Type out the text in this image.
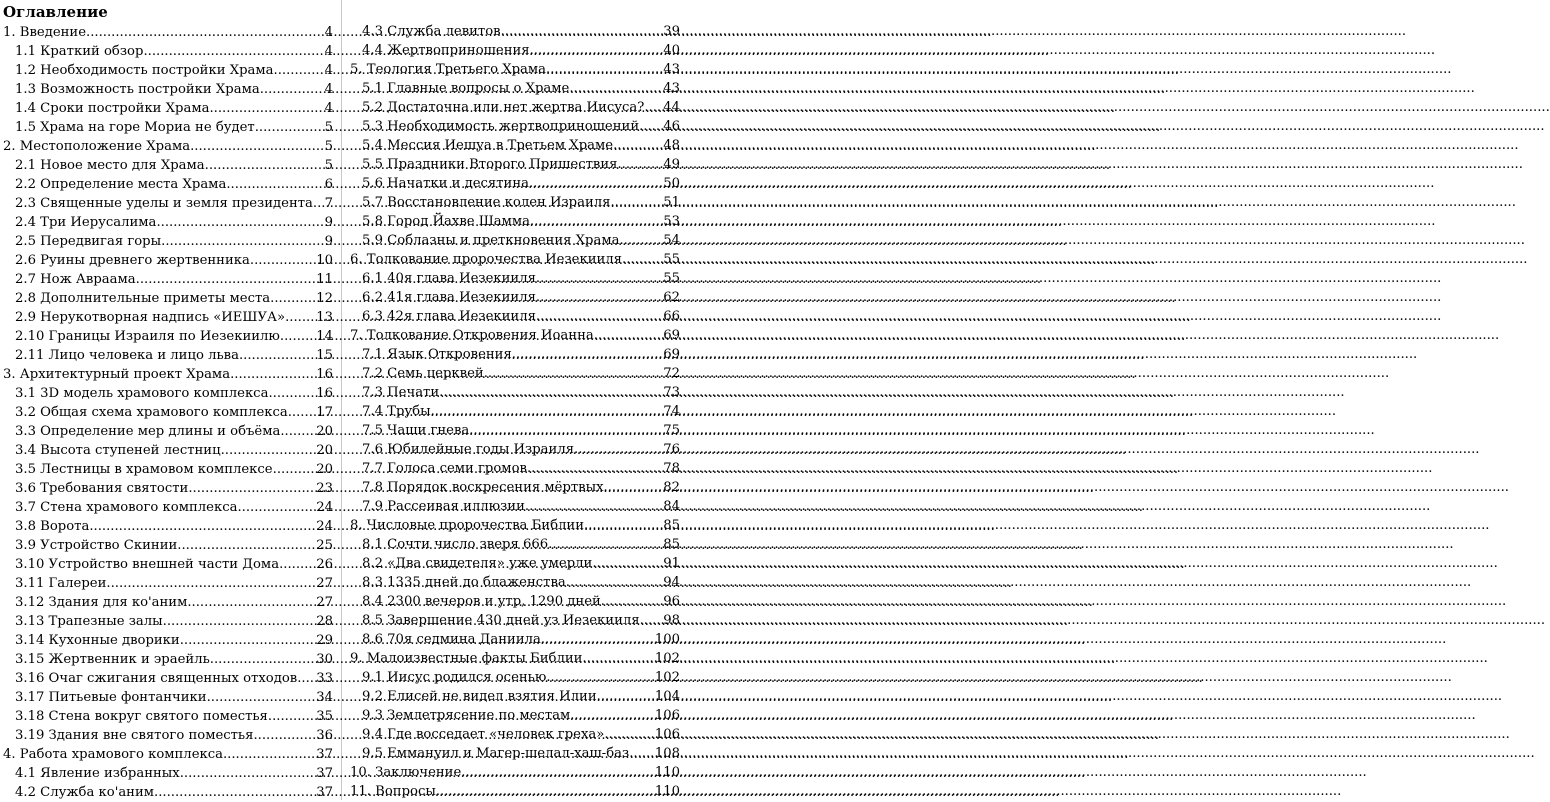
Оглавление
1. Введение .....	4
1.1 Краткий обзор .....	4
1.2 Необходимость постройки Храма .....	4
1.3 Возможность постройки Храма .....	4
1.4 Сроки постройки Храма .....	4
1.5 Храма на горе Мориа не будет .....	5
2. Местоположение Храма .....	5
2.1 Новое место для Храма .....	5
2.2 Определение места Храма .....	6
2.3 Священные уделы и земля президента ..... 7
2.4 Три Иерусалима .....	9
2.5 Передвигая горы .....	9
2.6 Руины древнего жертвенника .....	10
2.7 Нож Авраама .....	11
2.8 Дополнительные приметы места .....	12
2.9 Нерукотворная надпись «ИЕШУА» ..... 13
2.10 Границы Израиля по Иезекиилю .....	14
2.11 Лицо человека и лицо льва .....	15
3. Архитектурный проект Храма .....	16
3.1 3D модель храмового комплекса .....	16
3.2 Общая схема храмового комплекса ..... 17
3.3 Определение мер длины и объёма .....	20
3.4 Высота ступеней лестниц .....	20
3.5 Лестницы в храмовом комплексе .....	20
3.6 Требования святости .....	23
3.7 Стена храмового комплекса .....	24
3.8 Ворота .....	24
3.9 Устройство Скинии .....	25
3.10 Устройство внешней части Дома .....	26
3.11 Галереи .....	27
3.12 Здания для ко'аним .....	27
3.13 Трапезные залы .....	28
3.14 Кухонные дворики .....	29
3.15 Жертвенник и эраейль .....	30
3.16 Очаг сжигания священных отходов ..... 33
3.17 Питьевые фонтанчики .....	34
3.18 Стена вокруг святого поместья .....	35
3.19 Здания вне святого поместья .....	36
4. Работа храмового комплекса .....	37
4.1 Явление избранных .....	37
4.2 Служба ко'аним .....	37
4.3 Служба левитов .....	39
4.4 Жертвоприношения .....	40
5. Теология Третьего Храма .....	43
5.1 Главные вопросы о Храме .....	43
5.2 Достаточна или нет жертва Иисуса? ..... 44
5.3 Необходимость жертвоприношений ..... 46
5.4 Мессия Иешуа в Третьем Храме .....	48
5.5 Праздники Второго Пришествия .....	49
5.6 Начатки и десятина .....	50
5.7 Восстановление колен Израиля .....	51
5.8 Город Йахве Шамма .....	53
5.9 Соблазны и преткновения Храма .....	54
6. Толкование пророчества Иезекииля .....	55
6.1 40я глава Иезекииля .....	55
6.2 41я глава Иезекииля .....	62
6.3 42я глава Иезекииля .....	66
7. Толкование Откровения Иоанна .....	69
7.1 Язык Откровения .....	69
7.2 Семь церквей .....	72
7.3 Печати .....	73
7.4 Трубы .....	74
7.5 Чаши гнева .....	75
7.6 Юбилейные годы Израиля .....	76
7.7 Голоса семи громов .....	78
7.8 Порядок воскресения мёртвых .....	82
7.9 Рассеивая иллюзии .....	84
8. Числовые пророчества Библии .....	85
8.1 Сочти число зверя 666 .....	85
8.2 «Два свидетеля» уже умерли .....	91
8.3 1335 дней до блаженства .....	94
8.4 2300 вечеров и утр, 1290 дней .....	96
8.5 Завершение 430 дней уз Иезекииля ..... 98
8.6 70я седмина Даниила .....	100
9. Малоизвестные факты Библии .....	102
9.1 Иисус родился осенью .....	102
9.2 Елисей не видел взятия Илии .....	104
9.3 Землетрясение по местам .....	106
9.4 Где восседает «человек греха» .....	106
9.5 Еммануил и Магер-шелал-хаш-баз ..... 108
10. Заключение .....	110
11. Вопросы .....	110
